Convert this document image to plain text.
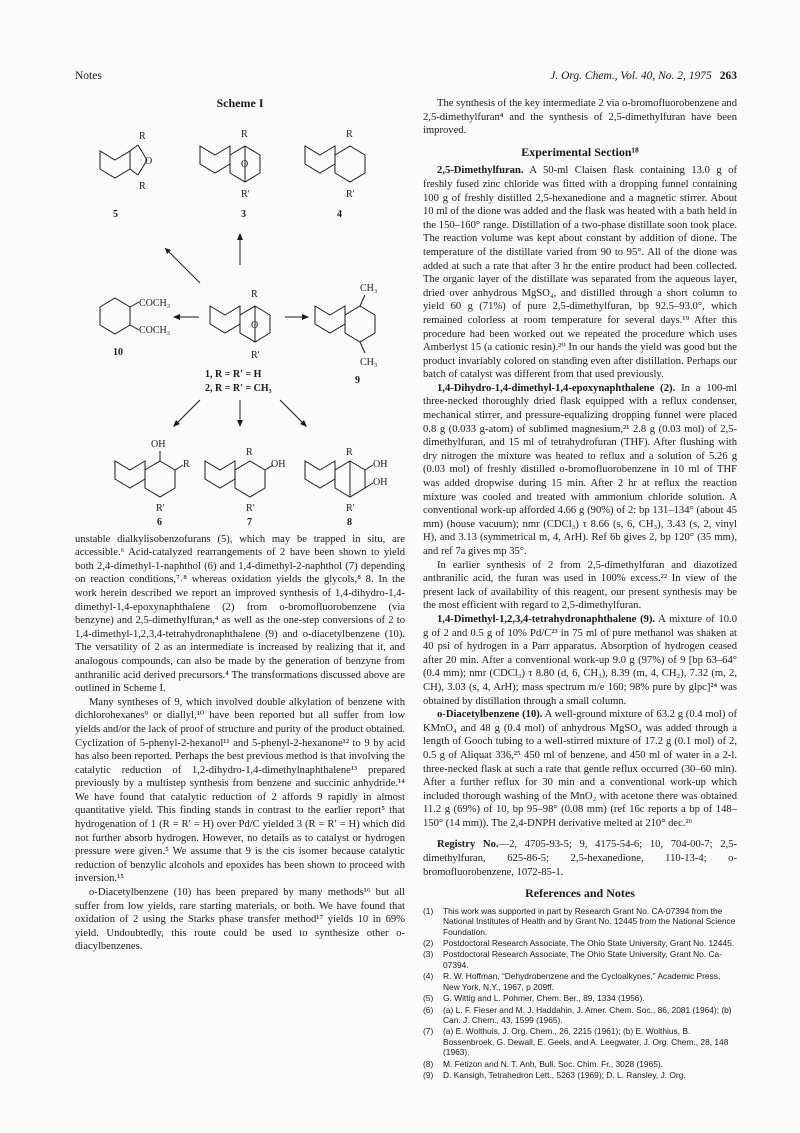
Notes	J. Org. Chem., Vol. 40, No. 2, 1975 263
Scheme I
R
O
R
5
R
O
R′
3
R
R′
4
COCH₃
COCH₃
10
R
O
R′
1, R = R′ = H
2, R = R′ = CH₃
CH₃
CH₃
9
OH
R
R′
6
R
OH
R′
7
R
OH
OH
R′
8

unstable dialkylisobenzofurans (5), which may be trapped in situ, are accessible.⁶ Acid-catalyzed rearrangements of 2 have been shown to yield both 2,4-dimethyl-1-naphthol (6) and 1,4-dimethyl-2-naphthol (7) depending on reaction conditions,⁷˒⁸ whereas oxidation yields the glycols,⁸ 8. In the work herein described we report an improved synthesis of 1,4-dihydro-1,4-dimethyl-1,4-epoxynaphthalene (2) from o-bromofluorobenzene (via benzyne) and 2,5-dimethylfuran,⁴ as well as the one-step conversions of 2 to 1,4-dimethyl-1,2,3,4-tetrahydronaphthalene (9) and o-diacetylbenzene (10). The versatility of 2 as an intermediate is increased by realizing that it, and analogous compounds, can also be made by the generation of benzyne from anthranilic acid derived precursors.⁴ The transformations discussed above are outlined in Scheme I.

Many syntheses of 9, which involved double alkylation of benzene with dichlorohexanes⁹ or diallyl,¹⁰ have been reported but all suffer from low yields and/or the lack of proof of structure and purity of the product obtained. Cyclization of 5-phenyl-2-hexanol¹¹ and 5-phenyl-2-hexanone¹² to 9 by acid has also been reported. Perhaps the best previous method is that involving the catalytic reduction of 1,2-dihydro-1,4-dimethylnaphthalene¹³ prepared previously by a multistep synthesis from benzene and succinic anhydride.¹⁴ We have found that catalytic reduction of 2 affords 9 rapidly in almost quantitative yield. This finding stands in contrast to the earlier report⁵ that hydrogenation of 1 (R = R′ = H) over Pd/C yielded 3 (R = R′ = H) which did not further absorb hydrogen. However, no details as to catalyst or hydrogen pressure were given.⁵ We assume that 9 is the cis isomer because catalytic reduction of benzylic alcohols and epoxides has been shown to proceed with inversion.¹⁵

o-Diacetylbenzene (10) has been prepared by many methods¹⁶ but all suffer from low yields, rare starting materials, or both. We have found that oxidation of 2 using the Starks phase transfer method¹⁷ yields 10 in 69% yield. Undoubtedly, this route could be used to synthesize other o-diacylbenzenes.

The synthesis of the key intermediate 2 via o-bromofluorobenzene and 2,5-dimethylfuran⁴ and the synthesis of 2,5-dimethylfuran have been improved.

Experimental Section¹⁸

2,5-Dimethylfuran. A 50-ml Claisen flask containing 13.0 g of freshly fused zinc chloride was fitted with a dropping funnel containing 100 g of freshly distilled 2,5-hexanedione and a magnetic stirrer. About 10 ml of the dione was added and the flask was heated with a bath held in the 150–160° range. Distillation of a two-phase distillate soon took place. The reaction volume was kept about constant by addition of dione. The temperature of the distillate varied from 90 to 95°. All of the dione was added at such a rate that after 3 hr the entire product had been collected. The organic layer of the distillate was separated from the aqueous layer, dried over anhydrous MgSO₄, and distilled through a short column to yield 60 g (71%) of pure 2,5-dimethylfuran, bp 92.5–93.0°, which remained colorless at room temperature for several days.¹⁹ After this procedure had been worked out we repeated the procedure which uses Amberlyst 15 (a cationic resin).²⁰ In our hands the yield was good but the product invariably colored on standing even after distillation. Perhaps our batch of catalyst was different from that used previously.

1,4-Dihydro-1,4-dimethyl-1,4-epoxynaphthalene (2). In a 100-ml three-necked thoroughly dried flask equipped with a reflux condenser, mechanical stirrer, and pressure-equalizing dropping funnel were placed 0.8 g (0.033 g-atom) of sublimed magnesium,²¹ 2.8 g (0.03 mol) of 2,5-dimethylfuran, and 15 ml of tetrahydrofuran (THF). After flushing with dry nitrogen the mixture was heated to reflux and a solution of 5.26 g (0.03 mol) of freshly distilled o-bromofluorobenzene in 10 ml of THF was added dropwise during 15 min. After 2 hr at reflux the reaction mixture was cooled and treated with ammonium chloride solution. A conventional work-up afforded 4.66 g (90%) of 2: bp 131–134° (about 45 mm) (house vacuum); nmr (CDCl₃) τ 8.66 (s, 6, CH₃), 3.43 (s, 2, vinyl H), and 3.13 (symmetrical m, 4, ArH). Ref 6b gives 2, bp 120° (35 mm), and ref 7a gives mp 35°.

In earlier synthesis of 2 from 2,5-dimethylfuran and diazotized anthranilic acid, the furan was used in 100% excess.²² In view of the present lack of availability of this reagent, our present synthesis may be the most efficient with regard to 2,5-dimethylfuran.

1,4-Dimethyl-1,2,3,4-tetrahydronaphthalene (9). A mixture of 10.0 g of 2 and 0.5 g of 10% Pd/C²³ in 75 ml of pure methanol was shaken at 40 psi of hydrogen in a Parr apparatus. Absorption of hydrogen ceased after 20 min. After a conventional work-up 9.0 g (97%) of 9 [bp 63–64° (0.4 mm); nmr (CDCl₃) τ 8.80 (d, 6, CH₃), 8.39 (m, 4, CH₂), 7.32 (m, 2, CH), 3.03 (s, 4, ArH); mass spectrum m/e 160; 98% pure by glpc]²⁴ was obtained by distillation through a small column.

o-Diacetylbenzene (10). A well-ground mixture of 63.2 g (0.4 mol) of KMnO₄ and 48 g (0.4 mol) of anhydrous MgSO₄ was added through a length of Gooch tubing to a well-stirred mixture of 17.2 g (0.1 mol) of 2, 0.5 g of Aliquat 336,²⁵ 450 ml of benzene, and 450 ml of water in a 2-l. three-necked flask at such a rate that gentle reflux occurred (30–60 min). After a further reflux for 30 min and a conventional work-up which included thorough washing of the MnO₂ with acetone there was obtained 11.2 g (69%) of 10, bp 95–98° (0.08 mm) (ref 16c reports a bp of 148–150° (14 mm)). The 2,4-DNPH derivative melted at 210° dec.²⁶

Registry No.—2, 4705-93-5; 9, 4175-54-6; 10, 704-00-7; 2,5-dimethylfuran, 625-86-5; 2,5-hexanedione, 110-13-4; o-bromofluorobenzene, 1072-85-1.

References and Notes
(1)	This work was supported in part by Research Grant No. CA-07394 from the National Institutes of Health and by Grant No. 12445 from the National Science Foundation.
(2)	Postdoctoral Research Associate, The Ohio State University, Grant No. 12445.
(3)	Postdoctoral Research Associate, The Ohio State University, Grant No. Ca-07394.
(4)	R. W. Hoffman, “Dehydrobenzene and the Cycloalkynes,” Academic Press, New York, N.Y., 1967, p 209ff.
(5)	G. Wittig and L. Pohmer, Chem. Ber., 89, 1334 (1956).
(6)	(a) L. F. Fieser and M. J. Haddahin, J. Amer. Chem. Soc., 86, 2081 (1964); (b) Can. J. Chem., 43, 1599 (1965).
(7)	(a) E. Wolthuis, J. Org. Chem., 26, 2215 (1961); (b) E. Wolthius, B. Bossenbroek, G. Dewall, E. Geels, and A. Leegwater, J. Org. Chem., 28, 148 (1963).
(8)	M. Fetizon and N. T. Anh, Bull. Soc. Chim. Fr., 3028 (1965).
(9)	D. Kansigh, Tetrahedron Lett., 5263 (1969); D. L. Ransley, J. Org.
